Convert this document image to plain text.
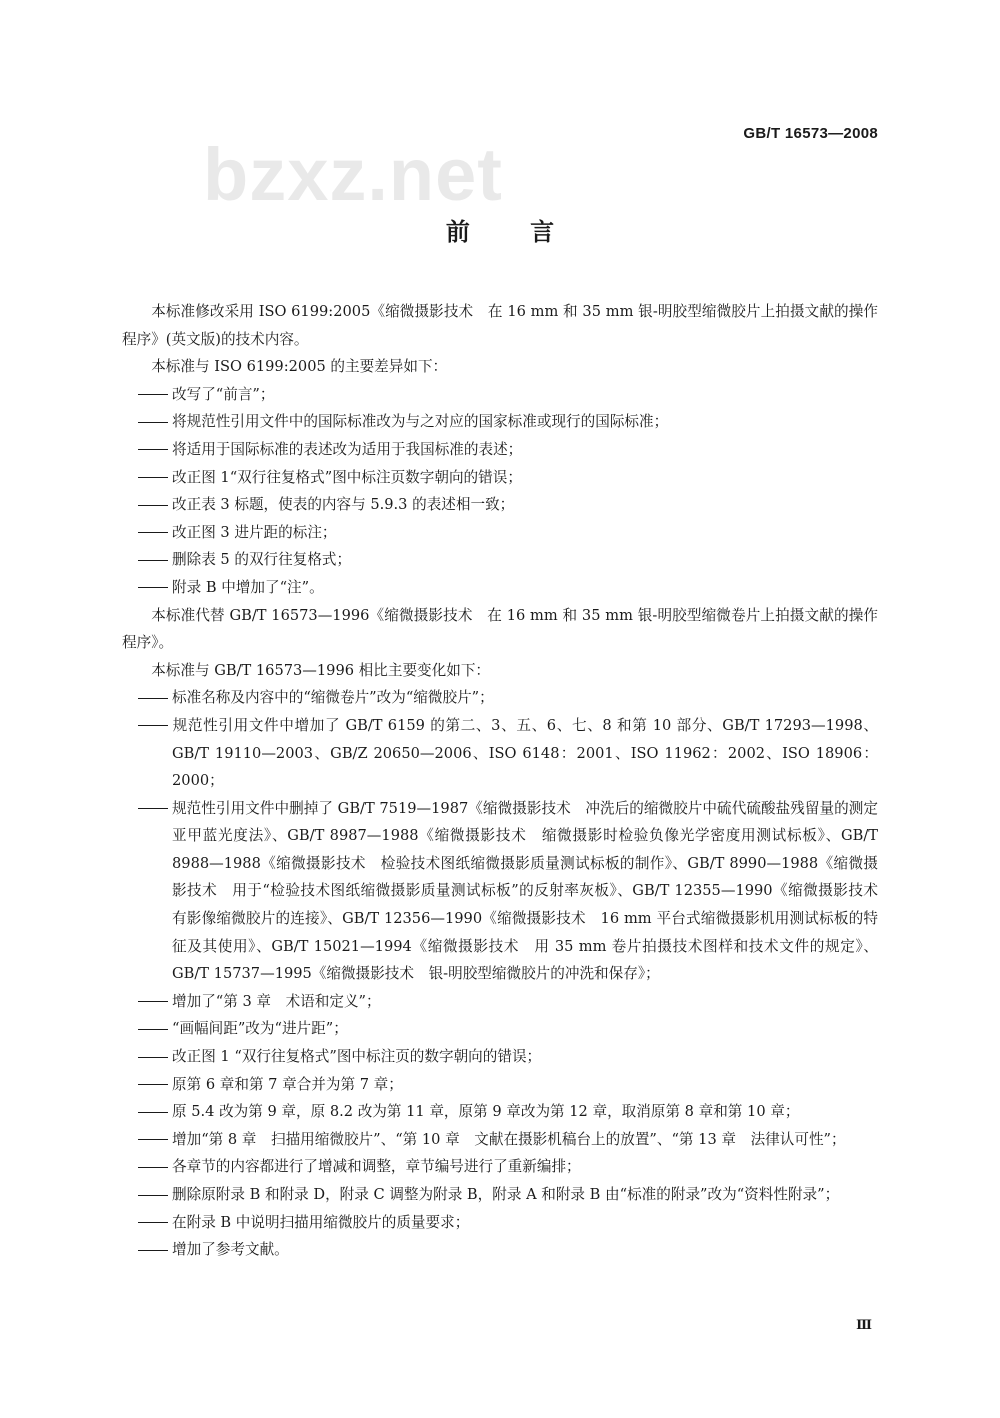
GB/T 16573—2008
bzxz.net
前 言

本标准修改采用 ISO 6199:2005《缩微摄影技术　在 16 mm 和 35 mm 银-明胶型缩微胶片上拍摄文献的操作程序》(英文版)的技术内容。

本标准与 ISO 6199:2005 的主要差异如下：

改写了“前言”；

将规范性引用文件中的国际标准改为与之对应的国家标准或现行的国际标准；

将适用于国际标准的表述改为适用于我国标准的表述；

改正图 1“双行往复格式”图中标注页数字朝向的错误；

改正表 3 标题，使表的内容与 5.9.3 的表述相一致；

改正图 3 进片距的标注；

删除表 5 的双行往复格式；

附录 B 中增加了“注”。

本标准代替 GB/T 16573—1996《缩微摄影技术　在 16 mm 和 35 mm 银-明胶型缩微卷片上拍摄文献的操作程序》。

本标准与 GB/T 16573—1996 相比主要变化如下：

标准名称及内容中的“缩微卷片”改为“缩微胶片”；

规范性引用文件中增加了 GB/T 6159 的第二、3、五、6、七、8 和第 10 部分、GB/T 17293—1998、GB/T 19110—2003、GB/Z 20650—2006、ISO 6148：2001、ISO 11962：2002、ISO 18906：2000；

规范性引用文件中删掉了 GB/T 7519—1987《缩微摄影技术　冲洗后的缩微胶片中硫代硫酸盐残留量的测定　亚甲蓝光度法》、GB/T 8987—1988《缩微摄影技术　缩微摄影时检验负像光学密度用测试标板》、GB/T 8988—1988《缩微摄影技术　检验技术图纸缩微摄影质量测试标板的制作》、GB/T 8990—1988《缩微摄影技术　用于“检验技术图纸缩微摄影质量测试标板”的反射率灰板》、GB/T 12355—1990《缩微摄影技术　有影像缩微胶片的连接》、GB/T 12356—1990《缩微摄影技术　16 mm 平台式缩微摄影机用测试标板的特征及其使用》、GB/T 15021—1994《缩微摄影技术　用 35 mm 卷片拍摄技术图样和技术文件的规定》、GB/T 15737—1995《缩微摄影技术　银-明胶型缩微胶片的冲洗和保存》；

增加了“第 3 章　术语和定义”；

“画幅间距”改为“进片距”；

改正图 1 “双行往复格式”图中标注页的数字朝向的错误；

原第 6 章和第 7 章合并为第 7 章；

原 5.4 改为第 9 章，原 8.2 改为第 11 章，原第 9 章改为第 12 章，取消原第 8 章和第 10 章；

增加“第 8 章　扫描用缩微胶片”、“第 10 章　文献在摄影机稿台上的放置”、“第 13 章　法律认可性”；

各章节的内容都进行了增减和调整，章节编号进行了重新编排；

删除原附录 B 和附录 D，附录 C 调整为附录 B，附录 A 和附录 B 由“标准的附录”改为“资料性附录”；

在附录 B 中说明扫描用缩微胶片的质量要求；

增加了参考文献。

Ⅲ
